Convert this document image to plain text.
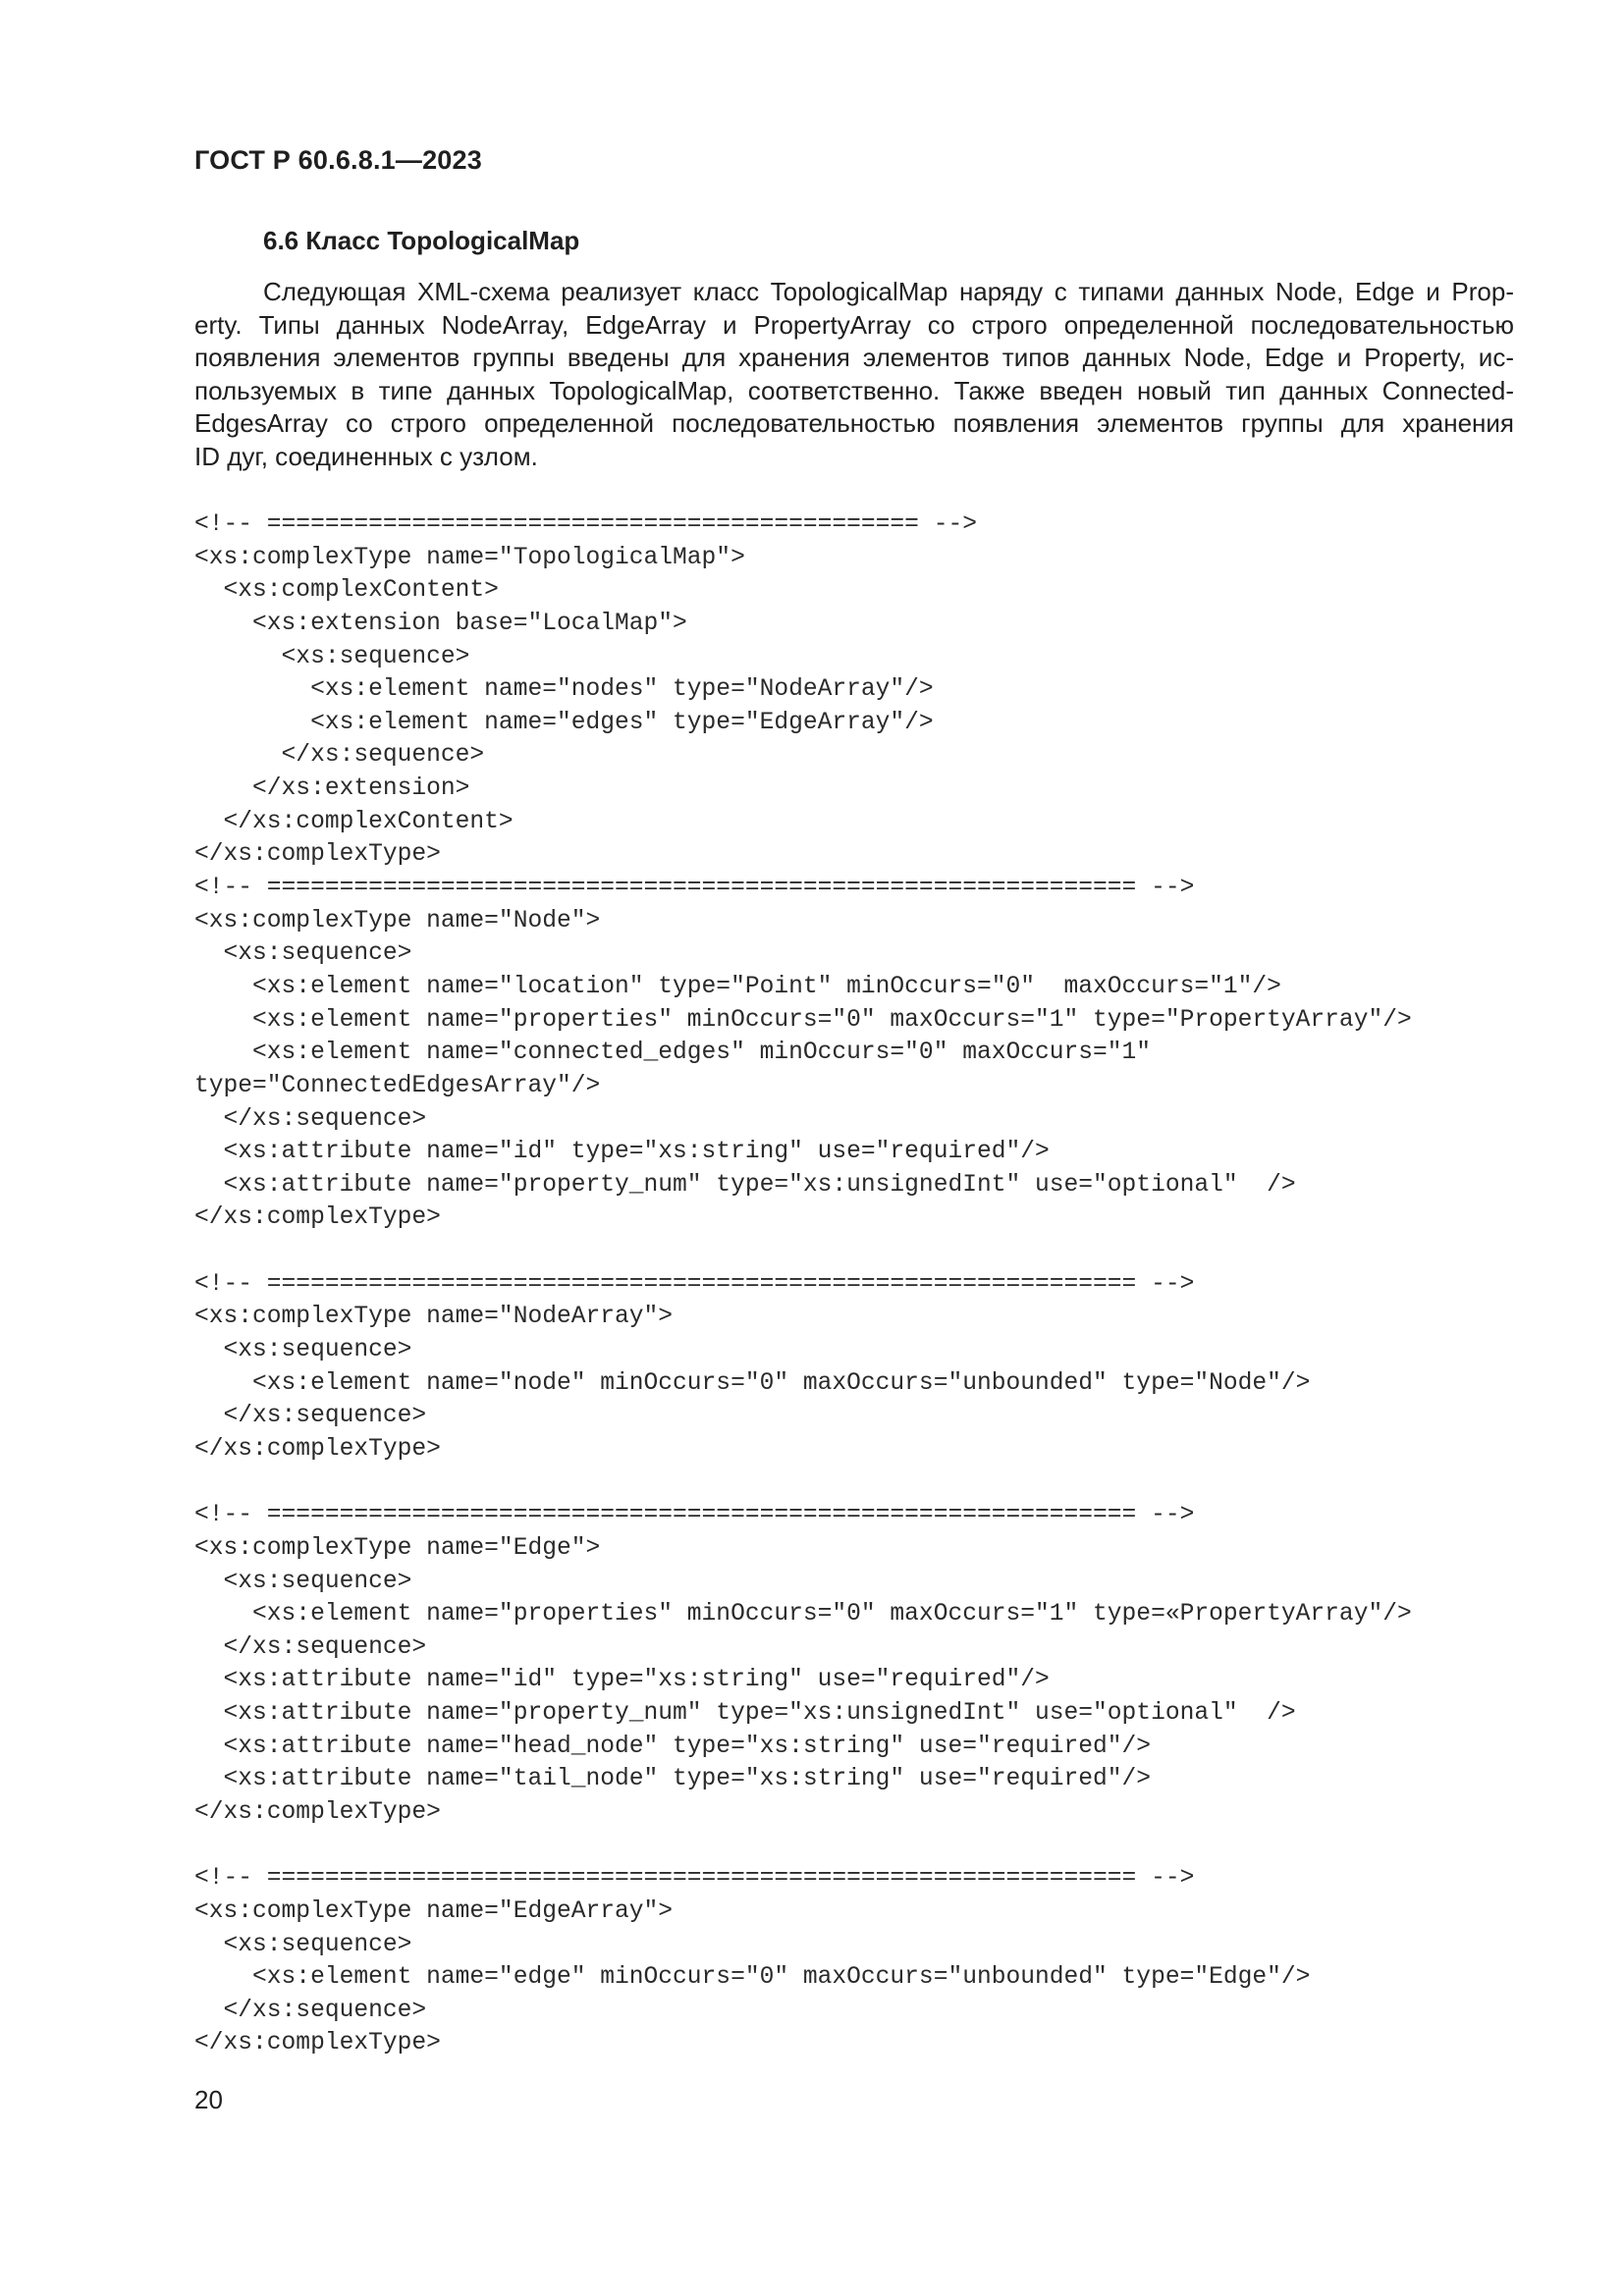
ГОСТ Р 60.6.8.1—2023

6.6 Класс TopologicalMap
Следующая XML-схема реализует класс TopologicalMap наряду с типами данных Node, Edge и Prop-
erty. Типы данных NodeArray, EdgeArray и PropertyArray со строго определенной последовательностью
появления элементов группы введены для хранения элементов типов данных Node, Edge и Property, ис-
пользуемых в типе данных TopologicalMap, соответственно. Также введен новый тип данных Connected-
EdgesArray со строго определенной последовательностью появления элементов группы для хранения
ID дуг, соединенных с узлом.
<!-- ============================================= -->
<xs:complexType name="TopologicalMap">
<xs:complexContent>
<xs:extension base="LocalMap">
<xs:sequence>
<xs:element name="nodes" type="NodeArray"/>
<xs:element name="edges" type="EdgeArray"/>
</xs:sequence>
</xs:extension>
</xs:complexContent>
</xs:complexType>
<!-- ============================================================ -->
<xs:complexType name="Node">
<xs:sequence>
<xs:element name="location" type="Point" minOccurs="0"  maxOccurs="1"/>
<xs:element name="properties" minOccurs="0" maxOccurs="1" type="PropertyArray"/>
<xs:element name="connected_edges" minOccurs="0" maxOccurs="1"
type="ConnectedEdgesArray"/>
</xs:sequence>
<xs:attribute name="id" type="xs:string" use="required"/>
<xs:attribute name="property_num" type="xs:unsignedInt" use="optional"  />
</xs:complexType>
<!-- ============================================================ -->
<xs:complexType name="NodeArray">
<xs:sequence>
<xs:element name="node" minOccurs="0" maxOccurs="unbounded" type="Node"/>
</xs:sequence>
</xs:complexType>
<!-- ============================================================ -->
<xs:complexType name="Edge">
<xs:sequence>
<xs:element name="properties" minOccurs="0" maxOccurs="1" type=«PropertyArray"/>
</xs:sequence>
<xs:attribute name="id" type="xs:string" use="required"/>
<xs:attribute name="property_num" type="xs:unsignedInt" use="optional"  />
<xs:attribute name="head_node" type="xs:string" use="required"/>
<xs:attribute name="tail_node" type="xs:string" use="required"/>
</xs:complexType>
<!-- ============================================================ -->
<xs:complexType name="EdgeArray">
<xs:sequence>
<xs:element name="edge" minOccurs="0" maxOccurs="unbounded" type="Edge"/>
</xs:sequence>
</xs:complexType>

20
